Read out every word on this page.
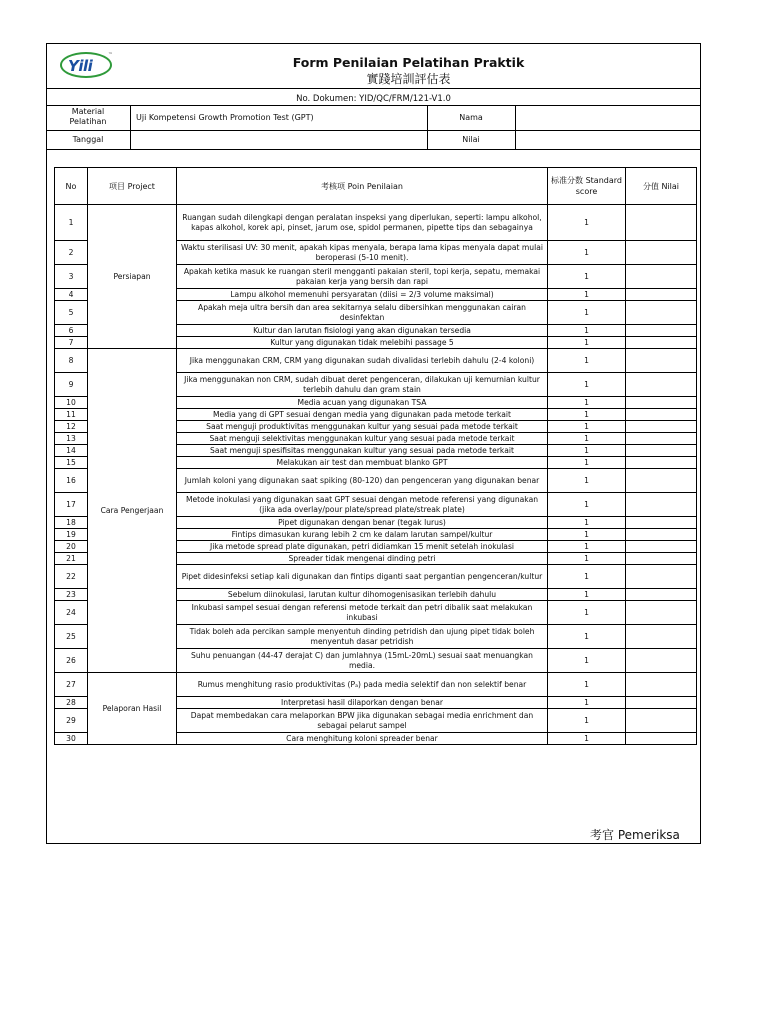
Yili
™	Form Penilaian Pelatihan Praktik
實踐培訓評估表
No. Dokumen: YID/QC/FRM/121-V1.0
Material Pelatihan	Uji Kompetensi Growth Promotion Test (GPT)	Nama
Tanggal	Nilai
No	项目 Project	考核项 Poin Penilaian	标准分数 Standard score	分值 Nilai
1	Persiapan	Ruangan sudah dilengkapi dengan peralatan inspeksi yang diperlukan, seperti: lampu alkohol, kapas alkohol, korek api, pinset, jarum ose, spidol permanen, pipette tips dan sebagainya	1	
2		Waktu sterilisasi UV: 30 menit, apakah kipas menyala, berapa lama kipas menyala dapat mulai beroperasi (5-10 menit).	1	
3		Apakah ketika masuk ke ruangan steril mengganti pakaian steril, topi kerja, sepatu, memakai pakaian kerja yang bersih dan rapi	1	
4		Lampu alkohol memenuhi persyaratan (diisi = 2/3 volume maksimal)	1	
5		Apakah meja ultra bersih dan area sekitarnya selalu dibersihkan menggunakan cairan desinfektan	1	
6		Kultur dan larutan fisiologi yang akan digunakan tersedia	1	
7		Kultur yang digunakan tidak melebihi passage 5	1	
8	Cara Pengerjaan	Jika menggunakan CRM, CRM yang digunakan sudah divalidasi terlebih dahulu (2-4 koloni)	1	
9		Jika menggunakan non CRM, sudah dibuat deret pengenceran, dilakukan uji kemurnian kultur terlebih dahulu dan gram stain	1	
10		Media acuan yang digunakan TSA	1	
11		Media yang di GPT sesuai dengan media yang digunakan pada metode terkait	1	
12		Saat menguji produktivitas menggunakan kultur yang sesuai pada metode terkait	1	
13		Saat menguji selektivitas menggunakan kultur yang sesuai pada metode terkait	1	
14		Saat menguji spesifisitas menggunakan kultur yang sesuai pada metode terkait	1	
15		Melakukan air test dan membuat blanko GPT	1	
16		Jumlah koloni yang digunakan saat spiking (80-120) dan pengenceran yang digunakan benar	1	
17		Metode inokulasi yang digunakan saat GPT sesuai dengan metode referensi yang digunakan (jika ada overlay/pour plate/spread plate/streak plate)	1	
18		Pipet digunakan dengan benar (tegak lurus)	1	
19		Fintips dimasukan kurang lebih 2 cm ke dalam larutan sampel/kultur	1	
20		Jika metode spread plate digunakan, petri didiamkan 15 menit setelah inokulasi	1	
21		Spreader tidak mengenai dinding petri	1	
22		Pipet didesinfeksi setiap kali digunakan dan fintips diganti saat pergantian pengenceran/kultur	1	
23		Sebelum diinokulasi, larutan kultur dihomogenisasikan terlebih dahulu	1	
24		Inkubasi sampel sesuai dengan referensi metode terkait dan petri dibalik saat melakukan inkubasi	1	
25		Tidak boleh ada percikan sample menyentuh dinding petridish dan ujung pipet tidak boleh menyentuh dasar petridish	1	
26		Suhu penuangan (44-47 derajat C) dan jumlahnya (15mL-20mL) sesuai saat menuangkan media.	1	
27	Pelaporan Hasil	Rumus menghitung rasio produktivitas (Pₐ) pada media selektif dan non selektif benar	1	
28		Interpretasi hasil dilaporkan dengan benar	1	
29		Dapat membedakan cara melaporkan BPW jika digunakan sebagai media enrichment dan sebagai pelarut sampel	1	
30		Cara menghitung koloni spreader benar	1	
考官 Pemeriksa
